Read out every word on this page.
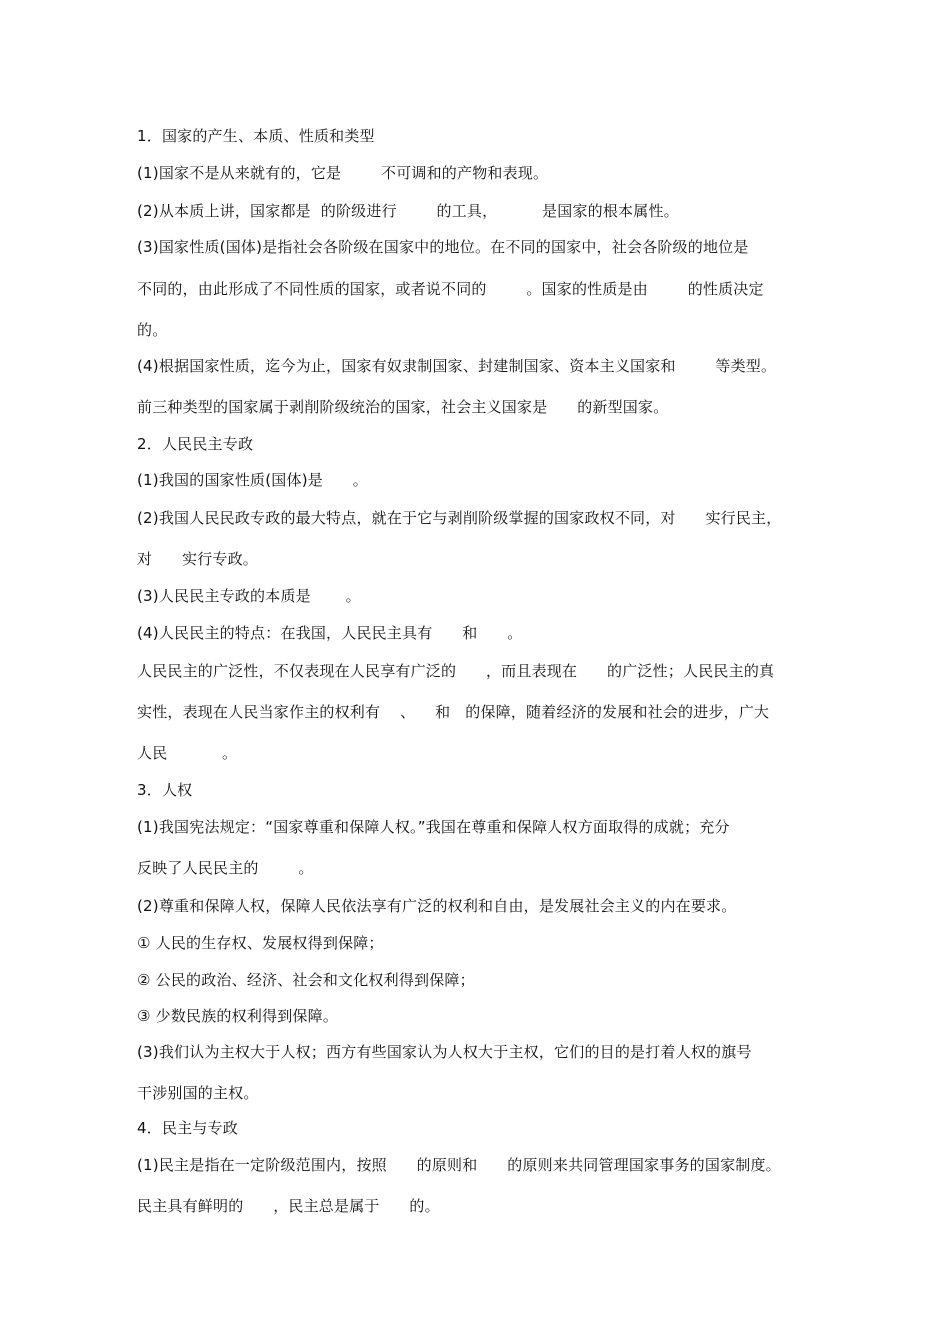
1．国家的产生、本质、性质和类型
(1)国家不是从来就有的，它是        不可调和的产物和表现。
(2)从本质上讲，国家都是  的阶级进行        的工具，         是国家的根本属性。
(3)国家性质(国体)是指社会各阶级在国家中的地位。在不同的国家中，社会各阶级的地位是
不同的，由此形成了不同性质的国家，或者说不同的        。国家的性质是由        的性质决定
的。
(4)根据国家性质，迄今为止，国家有奴隶制国家、封建制国家、资本主义国家和        等类型。
前三种类型的国家属于剥削阶级统治的国家，社会主义国家是      的新型国家。
2．人民民主专政
(1)我国的国家性质(国体)是      。
(2)我国人民民政专政的最大特点，就在于它与剥削阶级掌握的国家政权不同，对      实行民主，
对      实行专政。
(3)人民民主专政的本质是       。
(4)人民民主的特点：在我国，人民民主具有      和      。
人民民主的广泛性，不仅表现在人民享有广泛的      ，而且表现在      的广泛性；人民民主的真
实性，表现在人民当家作主的权利有    、    和   的保障，随着经济的发展和社会的进步，广大
人民           。
3．人权
(1)我国宪法规定：“国家尊重和保障人权。”我国在尊重和保障人权方面取得的成就；充分
反映了人民民主的        。
(2)尊重和保障人权，保障人民依法享有广泛的权利和自由，是发展社会主义的内在要求。
① 人民的生存权、发展权得到保障；
② 公民的政治、经济、社会和文化权利得到保障；
③ 少数民族的权利得到保障。
(3)我们认为主权大于人权；西方有些国家认为人权大于主权，它们的目的是打着人权的旗号
干涉别国的主权。
4．民主与专政
(1)民主是指在一定阶级范围内，按照      的原则和      的原则来共同管理国家事务的国家制度。
民主具有鲜明的      ，民主总是属于      的。
